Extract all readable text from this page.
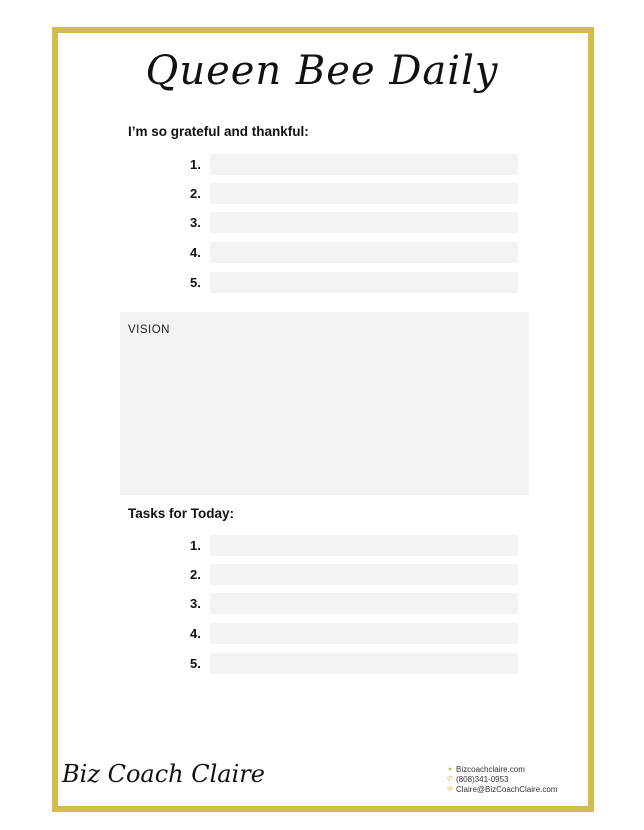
Queen Bee Daily
I’m so grateful and thankful:
1.
2.
3.
4.
5.
VISION
Tasks for Today:
1.
2.
3.
4.
5.
Biz Coach Claire	● Bizcoachclaire.com
✆ (808)341-0953
✉ Claire@BizCoachClaire.com
